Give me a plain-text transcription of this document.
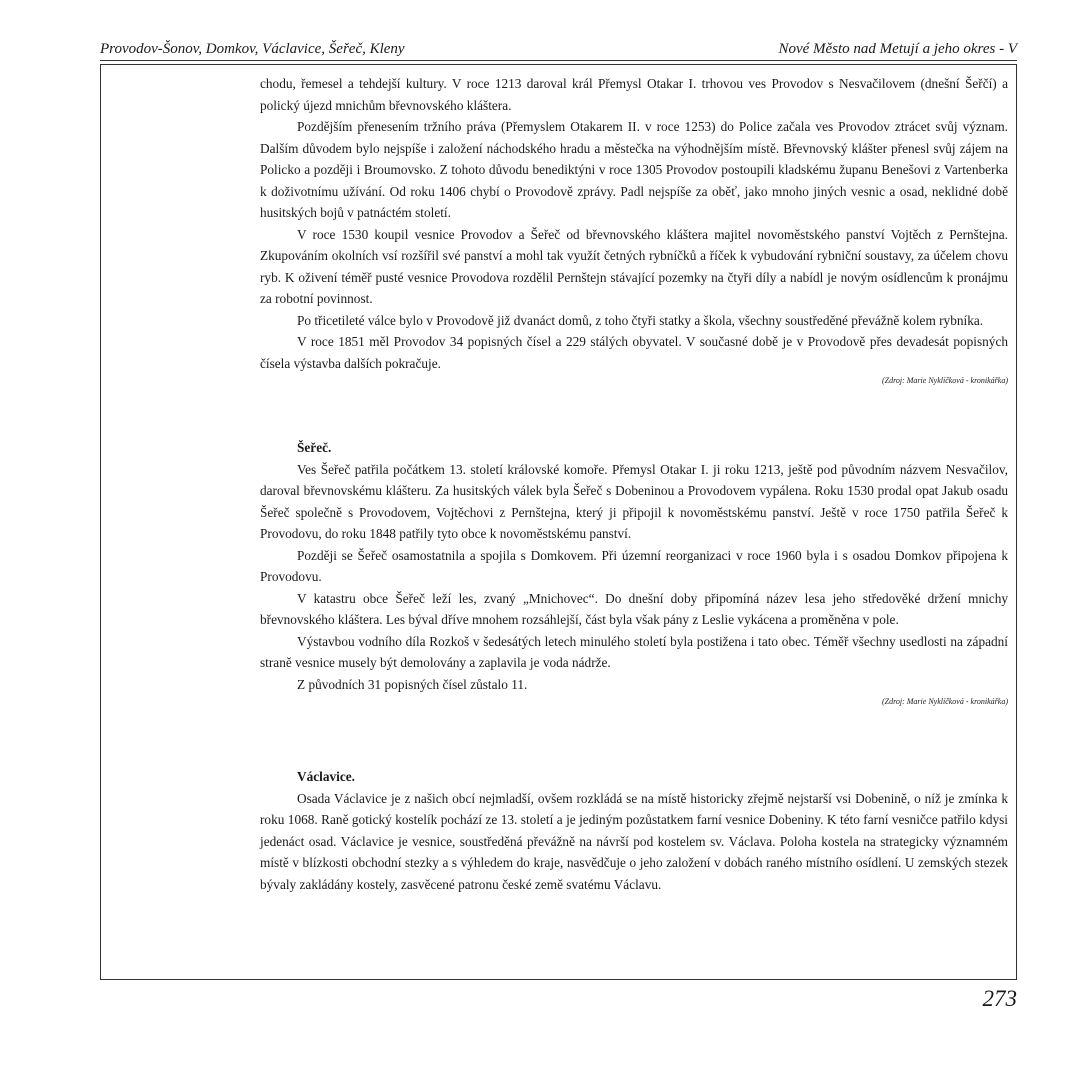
Provodov-Šonov, Domkov, Václavice, Šeřeč, Kleny	Nové Město nad Metují a jeho okres - V

chodu, řemesel a tehdejší kultury. V roce 1213 daroval král Přemysl Otakar I. trhovou ves Provodov s Nesvačilovem (dnešní Šeřčí) a polický újezd mnichům břevnovského kláštera.

Pozdějším přenesením tržního práva (Přemyslem Otakarem II. v roce 1253) do Police začala ves Provodov ztrácet svůj význam. Dalším důvodem bylo nejspíše i založení náchodského hradu a městečka na výhodnějším místě. Břevnovský klášter přenesl svůj zájem na Policko a později i Broumovsko. Z tohoto důvodu benediktýni v roce 1305 Provodov postoupili kladskému županu Benešovi z Vartenberka k doživotnímu užívání. Od roku 1406 chybí o Provodově zprávy. Padl nejspíše za oběť, jako mnoho jiných vesnic a osad, neklidné době husitských bojů v patnáctém století.

V roce 1530 koupil vesnice Provodov a Šeřeč od břevnovského kláštera majitel novoměstského panství Vojtěch z Pernštejna. Zkupováním okolních vsí rozšířil své panství a mohl tak využít četných rybníčků a říček k vybudování rybniční soustavy, za účelem chovu ryb. K oživení téměř pusté vesnice Provodova rozdělil Pernštejn stávající pozemky na čtyři díly a nabídl je novým osídlencům k pronájmu za robotní povinnost.

Po třicetileté válce bylo v Provodově již dvanáct domů, z toho čtyři statky a škola, všechny soustředěné převážně kolem rybníka.

V roce 1851 měl Provodov 34 popisných čísel a 229 stálých obyvatel. V současné době je v Provodově přes devadesát popisných čísela výstavba dalších pokračuje.

(Zdroj: Marie Nyklíčková - kronikářka)
Šeřeč.

Ves Šeřeč patřila počátkem 13. století královské komoře. Přemysl Otakar I. ji roku 1213, ještě pod původním názvem Nesvačilov, daroval břevnovskému klášteru. Za husitských válek byla Šeřeč s Dobeninou a Provodovem vypálena. Roku 1530 prodal opat Jakub osadu Šeřeč společně s Provodovem, Vojtěchovi z Pernštejna, který ji připojil k novoměstskému panství. Ještě v roce 1750 patřila Šeřeč k Provodovu, do roku 1848 patřily tyto obce k novoměstskému panství.

Později se Šeřeč osamostatnila a spojila s Domkovem. Při územní reorganizaci v roce 1960 byla i s osadou Domkov připojena k Provodovu.

V katastru obce Šeřeč leží les, zvaný „Mnichovec“. Do dnešní doby připomíná název lesa jeho středověké držení mnichy břevnovského kláštera. Les býval dříve mnohem rozsáhlejší, část byla však pány z Leslie vykácena a proměněna v pole.

Výstavbou vodního díla Rozkoš v šedesátých letech minulého století byla postižena i tato obec. Téměř všechny usedlosti na západní straně vesnice musely být demolovány a zaplavila je voda nádrže.

Z původních 31 popisných čísel zůstalo 11.

(Zdroj: Marie Nyklíčková - kronikářka)
Václavice.

Osada Václavice je z našich obcí nejmladší, ovšem rozkládá se na místě historicky zřejmě nejstarší vsi Dobenině, o níž je zmínka k roku 1068. Raně gotický kostelík pochází ze 13. století a je jediným pozůstatkem farní vesnice Dobeniny. K této farní vesničce patřilo kdysi jedenáct osad. Václavice je vesnice, soustředěná převážně na návrší pod kostelem sv. Václava. Poloha kostela na strategicky významném místě v blízkosti obchodní stezky a s výhledem do kraje, nasvědčuje o jeho založení v dobách raného místního osídlení. U zemských stezek bývaly zakládány kostely, zasvěcené patronu české země svatému Václavu.

273
